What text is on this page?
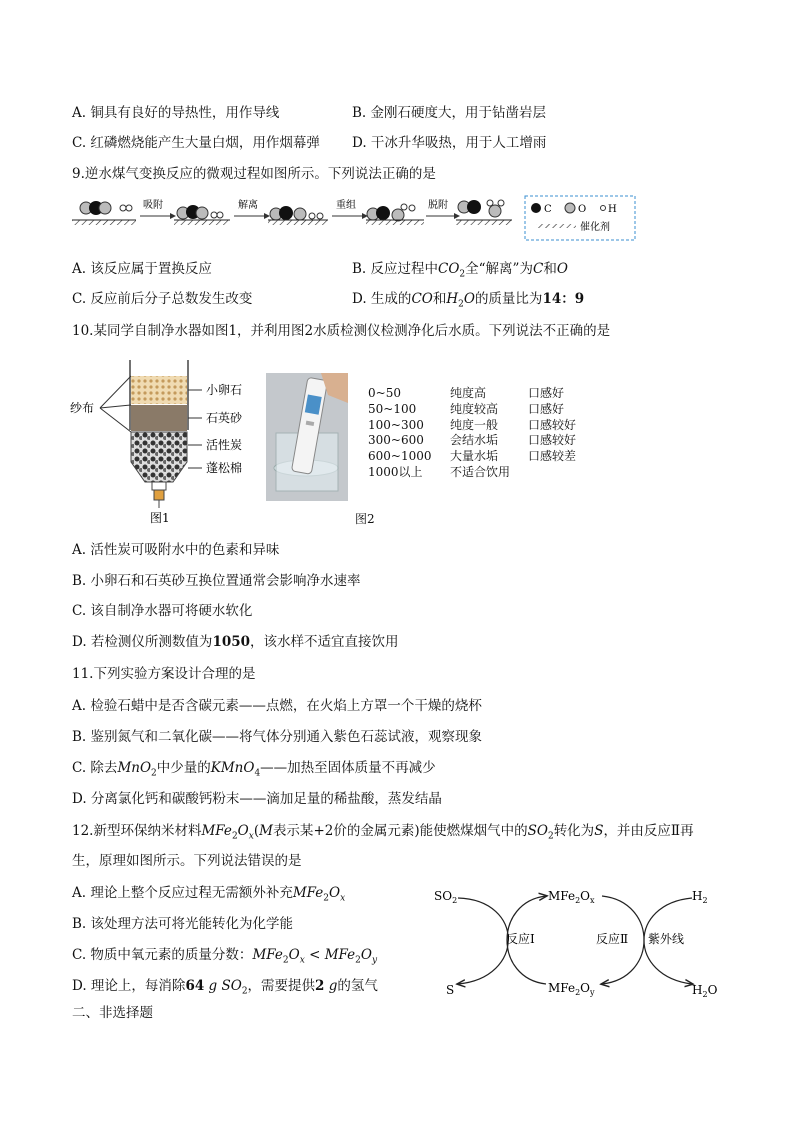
A. 铜具有良好的导热性，用作导线	B. 金刚石硬度大，用于钻凿岩层
C. 红磷燃烧能产生大量白烟，用作烟幕弹 D. 干冰升华吸热，用于人工增雨
9.逆水煤气变换反应的微观过程如图所示。下列说法正确的是
吸附	解离	重组	脱附	C	O H
催化剂
A. 该反应属于置换反应	B. 反应过程中$CO_2$全“解离”为C和O
C. 反应前后分子总数发生改变	D. 生成的CO和$H_2O$的质量比为14：9
10.某同学自制净水器如图1，并利用图2水质检测仪检测净化后水质。下列说法不正确的是
纱布
小卵石
石英砂
活性炭
蓬松棉
图1	图2
0~50	纯度高	口感好
50~100	纯度较高	口感好
100~300	纯度一般	口感较好
300~600	会结水垢	口感较好
600~1000	大量水垢	口感较差
1000以上	不适合饮用
A. 活性炭可吸附水中的色素和异味
B. 小卵石和石英砂互换位置通常会影响净水速率
C. 该自制净水器可将硬水软化
D. 若检测仪所测数值为1050，该水样不适宜直接饮用
11.下列实验方案设计合理的是
A. 检验石蜡中是否含碳元素——点燃，在火焰上方罩一个干燥的烧杯
B. 鉴别氮气和二氧化碳——将气体分别通入紫色石蕊试液，观察现象
C. 除去MnO$_2$中少量的KMnO$_4$——加热至固体质量不再减少
D. 分离氯化钙和碳酸钙粉末——滴加足量的稀盐酸，蒸发结晶
12.新型环保纳米材料$MFe_2O_x(M$表示某+2价的金属元素)能使燃煤烟气中的$SO_2$转化为S，并由反应Ⅱ再
生，原理如图所示。下列说法错误的是
A. 理论上整个反应过程无需额外补充$MFe_2O_x$
B. 该处理方法可将光能转化为化学能
C. 物质中氧元素的质量分数：$MFe_2O_x < MFe_2O_y$
D. 理论上，每消除64 g $SO_2$，需要提供2 g的氢气
$SO_2$	$MFe_2O_x$	$H_2$
反应Ⅰ	反应Ⅱ 紫外线
S	$MFe_2O_y$	$H_2O$
二、非选择题
